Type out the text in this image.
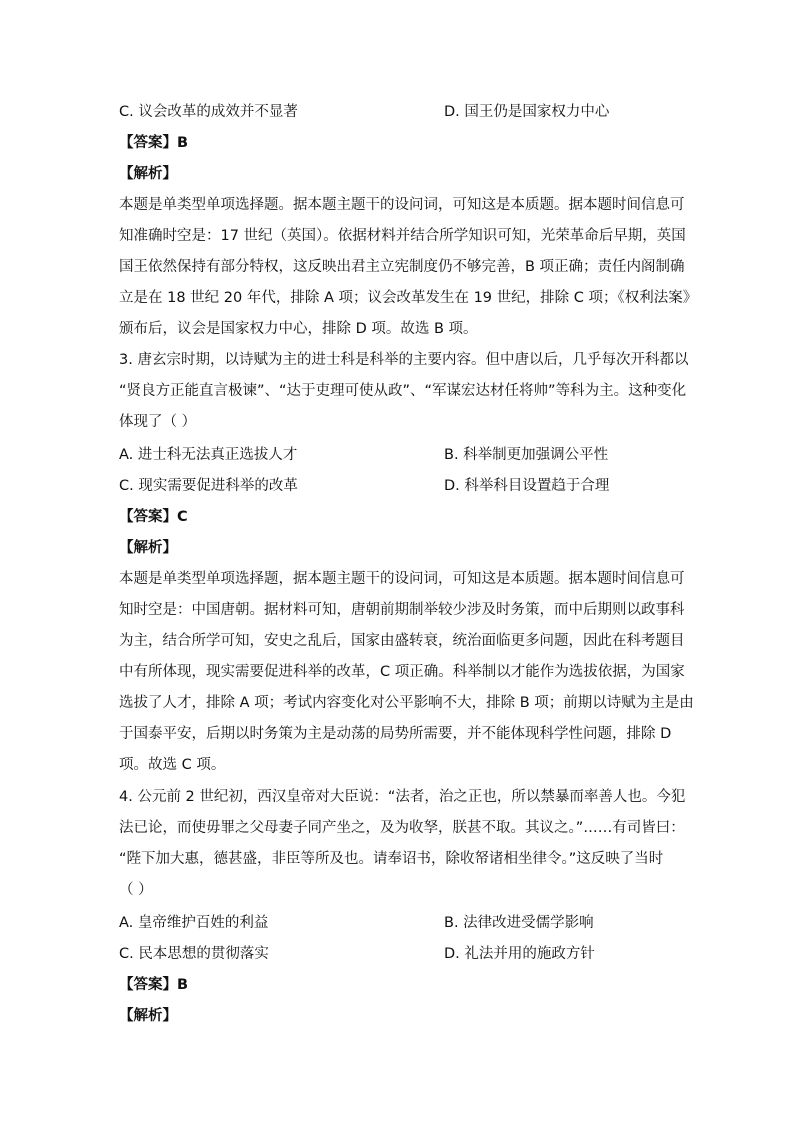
C. 议会改革的成效并不显著	D. 国王仍是国家权力中心
【答案】B
【解析】
本题是单类型单项选择题。据本题主题干的设问词，可知这是本质题。据本题时间信息可
知准确时空是：17 世纪（英国）。依据材料并结合所学知识可知，光荣革命后早期，英国
国王依然保持有部分特权，这反映出君主立宪制度仍不够完善，B 项正确；责任内阁制确
立是在 18 世纪 20 年代，排除 A 项；议会改革发生在 19 世纪，排除 C 项；《权利法案》
颁布后，议会是国家权力中心，排除 D 项。故选 B 项。
3. 唐玄宗时期，以诗赋为主的进士科是科举的主要内容。但中唐以后，几乎每次开科都以
“贤良方正能直言极谏”、“达于吏理可使从政”、“军谋宏达材任将帅”等科为主。这种变化
体现了（ ）
A. 进士科无法真正选拔人才	B. 科举制更加强调公平性
C. 现实需要促进科举的改革	D. 科举科目设置趋于合理
【答案】C
【解析】
本题是单类型单项选择题，据本题主题干的设问词，可知这是本质题。据本题时间信息可
知时空是：中国唐朝。据材料可知，唐朝前期制举较少涉及时务策，而中后期则以政事科
为主，结合所学可知，安史之乱后，国家由盛转衰，统治面临更多问题，因此在科考题目
中有所体现，现实需要促进科举的改革，C 项正确。科举制以才能作为选拔依据，为国家
选拔了人才，排除 A 项；考试内容变化对公平影响不大，排除 B 项；前期以诗赋为主是由
于国泰平安，后期以时务策为主是动荡的局势所需要，并不能体现科学性问题，排除 D
项。故选 C 项。
4. 公元前 2 世纪初，西汉皇帝对大臣说：“法者，治之正也，所以禁暴而率善人也。今犯
法已论，而使毋罪之父母妻子同产坐之，及为收孥，朕甚不取。其议之。”……有司皆曰：
“陛下加大惠，德甚盛，非臣等所及也。请奉诏书，除收帑诸相坐律令。”这反映了当时
（ ）
A. 皇帝维护百姓的利益	B. 法律改进受儒学影响
C. 民本思想的贯彻落实	D. 礼法并用的施政方针
【答案】B
【解析】
